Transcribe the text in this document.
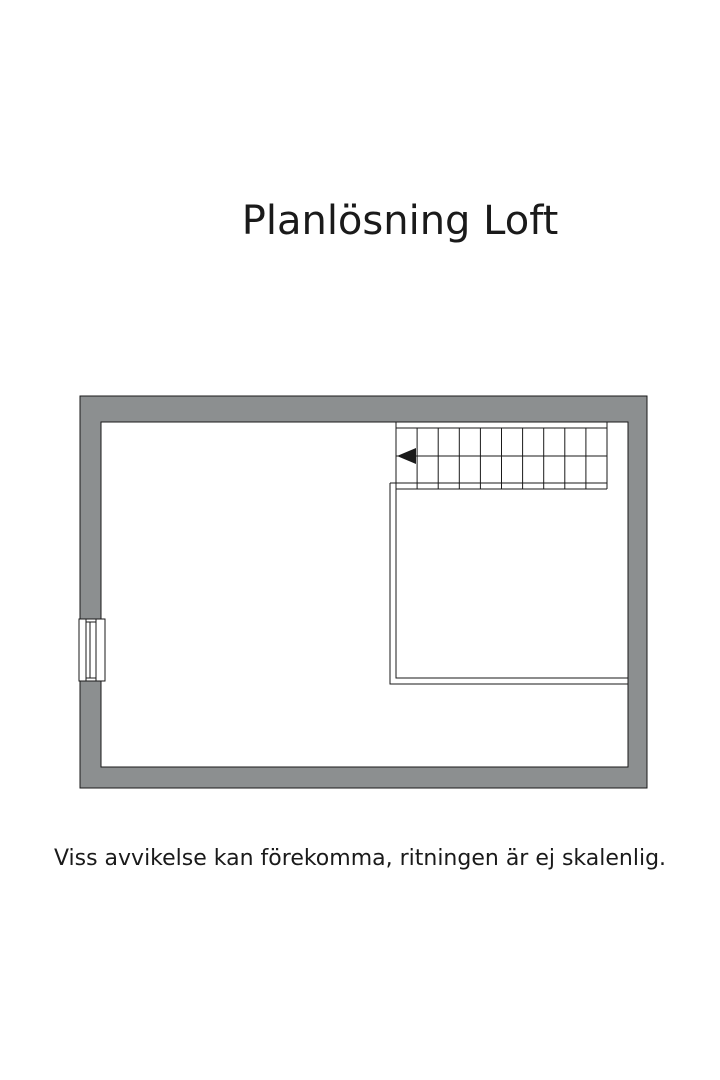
Planlösning Loft
Viss avvikelse kan förekomma, ritningen är ej skalenlig.
